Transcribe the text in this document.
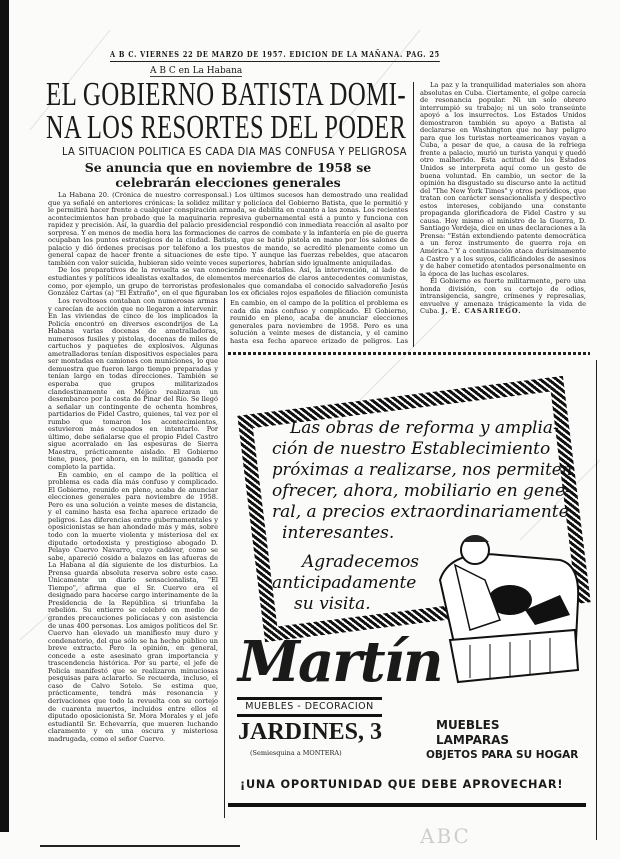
ABC
A B C. VIERNES 22 DE MARZO DE 1957. EDICION DE LA MAÑANA. PAG. 25
A B C en La Habana
EL GOBIERNO BATISTA DOMI-
NA LOS RESORTES DEL PODER
LA SITUACION POLITICA ES CADA DIA MAS CONFUSA Y PELIGROSA
Se anuncia que en noviembre de 1958 se celebrarán elecciones generales

La Habana 20. (Crónica de nuestro corresponsal.) Los últimos sucesos han demostrado una realidad que ya señalé en anteriores crónicas: la solidez militar y policíaca del Gobierno Batista, que le permitió y le permitirá hacer frente a cualquier conspiración armada, se debilita en cuanto a las zonas. Los recientes acontecimientos han probado que la maquinaria represiva gubernamental está a punto y funciona con rapidez y precisión. Así, la guardia del palacio presidencial respondió con inmediata reacción al asalto por sorpresa. Y en menos de media hora las formaciones de carros de combate y la infantería en pie de guerra ocupaban los puntos estratégicos de la ciudad. Batista, que se batió pistola en mano por los salones de palacio y dió órdenes precisas por teléfono a los puestos de mando, se acreditó plenamente como un general capaz de hacer frente a situaciones de este tipo. Y aunque las fuerzas rebeldes, que atacaron también con valor suicida, hubieran sido veinte veces superiores, habrían sido igualmente aniquiladas.

De los preparativos de la revuelta se van conociendo más detalles. Así, la intervención, al lado de estudiantes y políticos idealistas exaltados, de elementos mercenarios de claros antecedentes comunistas, como, por ejemplo, un grupo de terroristas profesionales que comandaba el conocido salvadoreño Jesús González Cartas (a) "El Extraño", en el que figuraban los ex oficiales rojos españoles de filiación comunista

Los revoltosos contaban con numerosas armas y carecían de acción que no llegaron a intervenir. En las viviendas de cinco de los implicados la Policía encontró en diversos escondrijos de La Habana varias docenas de ametralladoras, numerosos fusiles y pistolas, docenas de miles de cartuchos y paquetes de explosivos. Algunas ametralladoras tenían dispositivos especiales para ser montadas en camiones con municiones, lo que demuestra que fueron largo tiempo preparadas y tenían largo en todas direcciones. También se esperaba que grupos militarizados clandestinamente en Méjico realizaran un desembarco por la costa de Pinar del Río. Se llegó a señalar un contingente de ochenta hombres, partidarios de Fidel Castro, quienes, tal vez por el rumbo que tomaron los acontecimientos, estuvieron más ocupados en intentarlo. Por último, debe señalarse que el propio Fidel Castro sigue acorralado en las espesuras de Sierra Maestra, prácticamente aislado. El Gobierno tiene, pues, por ahora, en lo militar, ganada por completo la partida.

En cambio, en el campo de la política el problema es cada día más confuso y complicado. El Gobierno, reunido en pleno, acaba de anunciar elecciones generales para noviembre de 1958. Pero es una solución a veinte meses de distancia, y el camino hasta esa fecha aparece erizado de peligros. Las diferencias entre gubernamentales y oposicionistas se han ahondado más y más, sobre todo con la muerte violenta y misteriosa del ex diputado ortodoxista y prestigioso abogado D. Pelayo Cuervo Navarro, cuyo cadáver, como se sabe, apareció cosido a balazos en las afueras de La Habana al día siguiente de los disturbios. La Prensa guarda absoluta reserva sobre este caso. Únicamente un diario sensacionalista, "El Tiempo", afirma que el Sr. Cuervo era el designado para hacerse cargo interinamente de la Presidencia de la República si triunfaba la rebelión. Su entierro se celebró en medio de grandes precauciones policíacas y con asistencia de unas 400 personas. Los amigos políticos del Sr. Cuervo han elevado un manifiesto muy duro y condenatorio, del que sólo se ha hecho público un breve extracto. Pero la opinión, en general, concede a este asesinato gran importancia y trascendencia histórica. Por su parte, el jefe de Policía manifestó que se realizaron minuciosas pesquisas para aclararlo. Se recuerda, incluso, el caso de Calvo Sotelo. Se estima que, prácticamente, tendrá más resonancia y derivaciones que todo la revuelta con su cortejo de cuarenta muertos, incluidos entre ellos el diputado oposicionista Sr. Mora Morales y el jefe estudiantil Sr. Echevarría, que mueren luchando claramente y en una oscura y misteriosa madrugada, como el señor Cuervo.

En cambio, en el campo de la política el problema es cada día más confuso y complicado. El Gobierno, reunido en pleno, acaba de anunciar elecciones generales para noviembre de 1958. Pero es una solución a veinte meses de distancia, y el camino hasta esa fecha aparece erizado de peligros. Las

La paz y la tranquilidad materiales son ahora absolutas en Cuba. Ciertamente, el golpe carecía de resonancia popular. Ni un solo obrero interrumpió su trabajo; ni un solo transeúnte apoyó a los insurrectos. Los Estados Unidos demostraron también su apoyo a Batista al declararse en Washington que no hay peligro para que los turistas norteamericanos vayan a Cuba, a pesar de que, a causa de la refriega frente a palacio, murió un turista yanqui y quedó otro malherido. Esta actitud de los Estados Unidos se interpreta aquí como un gesto de buena voluntad. En cambio, un sector de la opinión ha disgustado su discurso ante la actitud del "The New York Times" y otros periódicos, que tratan con carácter sensacionalista y despectivo estos intereses, cobijando una constante propaganda glorificadora de Fidel Castro y su causa. Hoy mismo el ministro de la Guerra, D. Santiago Verdeja, dice en unas declaraciones a la Prensa: "Están extendiendo patente democrática a un feroz instrumento de guerra roja en América." Y a continuación ataca durísimamente a Castro y a los suyos, calificándoles de asesinos y de haber cometido atentados personalmente en la época de las luchas escolares.

El Gobierno es fuerte militarmente, pero una honda división, con su cortejo de odios, intransigencia, sangre, crímenes y represalias, envuelve y amenaza trágicamente la vida de Cuba. J. E. CASARIEGO.

Las obras de reforma y amplia-
ción de nuestro Establecimiento
próximas a realizarse, nos permiten
ofrecer, ahora, mobiliario en gene-
ral, a precios extraordinariamente
interesantes.
Agradecemos
anticipadamente
su visita.
Martín
MUEBLES - DECORACION
JARDINES, 3
(Semiesquina a MONTERA)
MUEBLES
LAMPARAS
OBJETOS PARA SU HOGAR
¡UNA OPORTUNIDAD QUE DEBE APROVECHAR!
